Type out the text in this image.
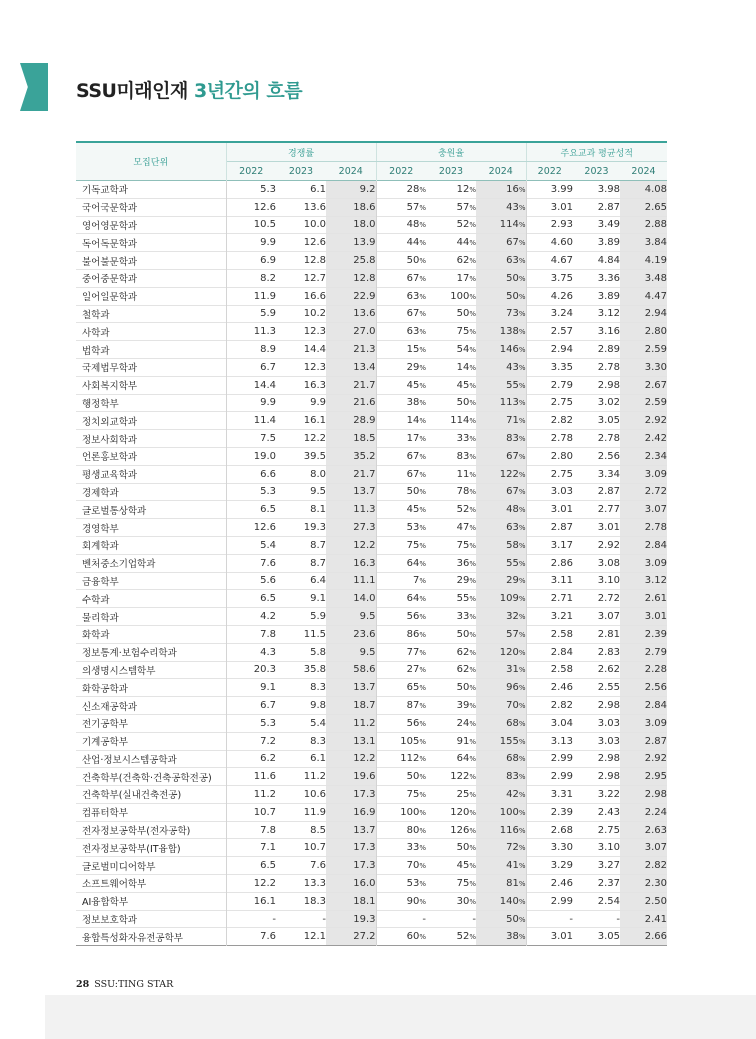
SSU미래인재 3년간의 흐름
모집단위	경쟁률			충원율			주요교과 평균성적		
	2022	2023	2024	2022	2023	2024	2022	2023	2024
기독교학과	5.3	6.1	9.2	28%	12%	16%	3.99	3.98	4.08
국어국문학과	12.6	13.6	18.6	57%	57%	43%	3.01	2.87	2.65
영어영문학과	10.5	10.0	18.0	48%	52%	114%	2.93	3.49	2.88
독어독문학과	9.9	12.6	13.9	44%	44%	67%	4.60	3.89	3.84
불어불문학과	6.9	12.8	25.8	50%	62%	63%	4.67	4.84	4.19
중어중문학과	8.2	12.7	12.8	67%	17%	50%	3.75	3.36	3.48
일어일문학과	11.9	16.6	22.9	63%	100%	50%	4.26	3.89	4.47
철학과	5.9	10.2	13.6	67%	50%	73%	3.24	3.12	2.94
사학과	11.3	12.3	27.0	63%	75%	138%	2.57	3.16	2.80
법학과	8.9	14.4	21.3	15%	54%	146%	2.94	2.89	2.59
국제법무학과	6.7	12.3	13.4	29%	14%	43%	3.35	2.78	3.30
사회복지학부	14.4	16.3	21.7	45%	45%	55%	2.79	2.98	2.67
행정학부	9.9	9.9	21.6	38%	50%	113%	2.75	3.02	2.59
정치외교학과	11.4	16.1	28.9	14%	114%	71%	2.82	3.05	2.92
정보사회학과	7.5	12.2	18.5	17%	33%	83%	2.78	2.78	2.42
언론홍보학과	19.0	39.5	35.2	67%	83%	67%	2.80	2.56	2.34
평생교육학과	6.6	8.0	21.7	67%	11%	122%	2.75	3.34	3.09
경제학과	5.3	9.5	13.7	50%	78%	67%	3.03	2.87	2.72
글로벌통상학과	6.5	8.1	11.3	45%	52%	48%	3.01	2.77	3.07
경영학부	12.6	19.3	27.3	53%	47%	63%	2.87	3.01	2.78
회계학과	5.4	8.7	12.2	75%	75%	58%	3.17	2.92	2.84
벤처중소기업학과	7.6	8.7	16.3	64%	36%	55%	2.86	3.08	3.09
금융학부	5.6	6.4	11.1	7%	29%	29%	3.11	3.10	3.12
수학과	6.5	9.1	14.0	64%	55%	109%	2.71	2.72	2.61
물리학과	4.2	5.9	9.5	56%	33%	32%	3.21	3.07	3.01
화학과	7.8	11.5	23.6	86%	50%	57%	2.58	2.81	2.39
정보통계·보험수리학과	4.3	5.8	9.5	77%	62%	120%	2.84	2.83	2.79
의생명시스템학부	20.3	35.8	58.6	27%	62%	31%	2.58	2.62	2.28
화학공학과	9.1	8.3	13.7	65%	50%	96%	2.46	2.55	2.56
신소재공학과	6.7	9.8	18.7	87%	39%	70%	2.82	2.98	2.84
전기공학부	5.3	5.4	11.2	56%	24%	68%	3.04	3.03	3.09
기계공학부	7.2	8.3	13.1	105%	91%	155%	3.13	3.03	2.87
산업·정보시스템공학과	6.2	6.1	12.2	112%	64%	68%	2.99	2.98	2.92
건축학부(건축학·건축공학전공)	11.6	11.2	19.6	50%	122%	83%	2.99	2.98	2.95
건축학부(실내건축전공)	11.2	10.6	17.3	75%	25%	42%	3.31	3.22	2.98
컴퓨터학부	10.7	11.9	16.9	100%	120%	100%	2.39	2.43	2.24
전자정보공학부(전자공학)	7.8	8.5	13.7	80%	126%	116%	2.68	2.75	2.63
전자정보공학부(IT융합)	7.1	10.7	17.3	33%	50%	72%	3.30	3.10	3.07
글로벌미디어학부	6.5	7.6	17.3	70%	45%	41%	3.29	3.27	2.82
소프트웨어학부	12.2	13.3	16.0	53%	75%	81%	2.46	2.37	2.30
AI융합학부	16.1	18.3	18.1	90%	30%	140%	2.99	2.54	2.50
정보보호학과	-	-	19.3	-	-	50%	-	-	2.41
융합특성화자유전공학부	7.6	12.1	27.2	60%	52%	38%	3.01	3.05	2.66
28 SSU:TING STAR
